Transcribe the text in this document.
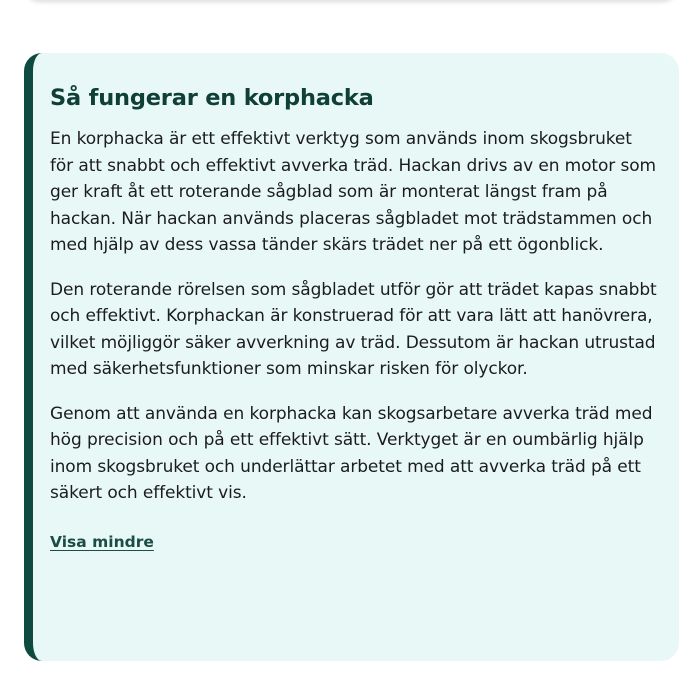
Så fungerar en korphacka

En korphacka är ett effektivt verktyg som används inom skogsbruket för att snabbt och effektivt avverka träd. Hackan drivs av en motor som ger kraft åt ett roterande sågblad som är monterat längst fram på hackan. När hackan används placeras sågbladet mot trädstammen och med hjälp av dess vassa tänder skärs trädet ner på ett ögonblick.

Den roterande rörelsen som sågbladet utför gör att trädet kapas snabbt och effektivt. Korphackan är konstruerad för att vara lätt att hanövrera, vilket möjliggör säker avverkning av träd. Dessutom är hackan utrustad med säkerhetsfunktioner som minskar risken för olyckor.

Genom att använda en korphacka kan skogsarbetare avverka träd med hög precision och på ett effektivt sätt. Verktyget är en oumbärlig hjälp inom skogsbruket och underlättar arbetet med att avverka träd på ett säkert och effektivt vis.

Visa mindre
